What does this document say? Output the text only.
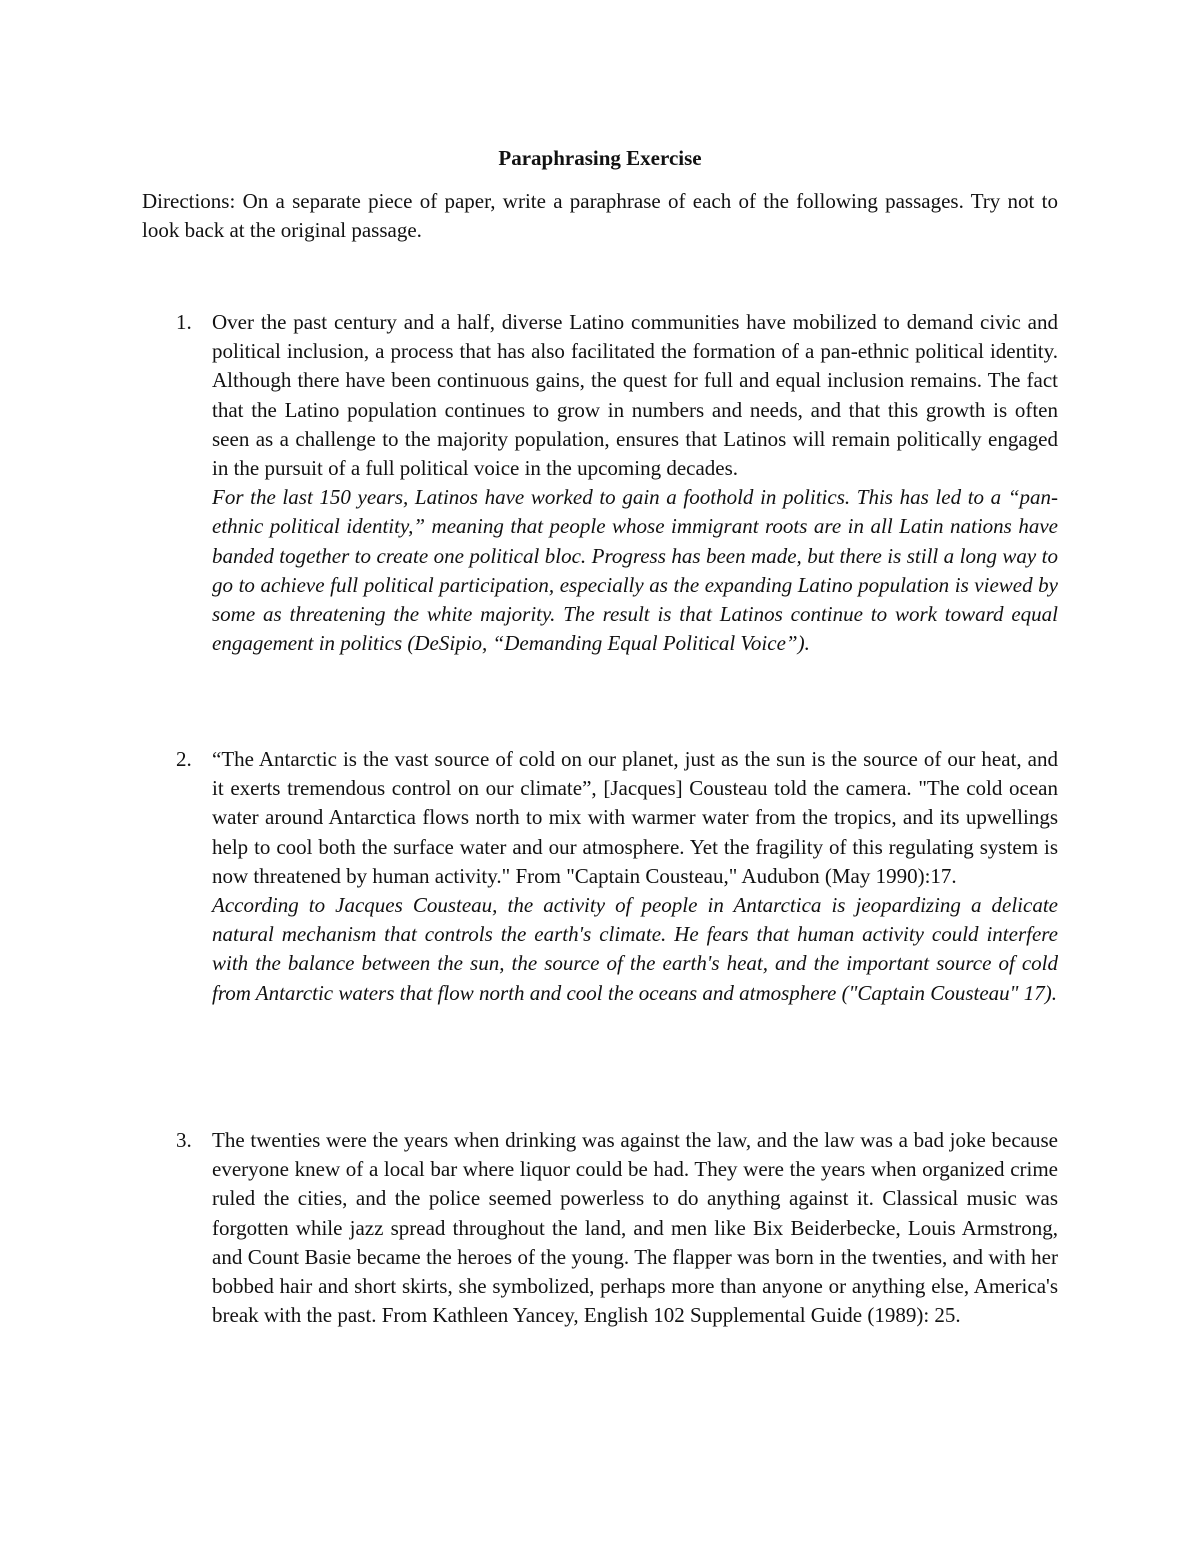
Paraphrasing Exercise

Directions: On a separate piece of paper, write a paraphrase of each of the following passages. Try not to look back at the original passage.

1. Over the past century and a half, diverse Latino communities have mobilized to demand civic and political inclusion, a process that has also facilitated the formation of a pan-ethnic political identity. Although there have been continuous gains, the quest for full and equal inclusion remains. The fact that the Latino population continues to grow in numbers and needs, and that this growth is often seen as a challenge to the majority population, ensures that Latinos will remain politically engaged in the pursuit of a full political voice in the upcoming decades.

For the last 150 years, Latinos have worked to gain a foothold in politics. This has led to a “pan-ethnic political identity,” meaning that people whose immigrant roots are in all Latin nations have banded together to create one political bloc. Progress has been made, but there is still a long way to go to achieve full political participation, especially as the expanding Latino population is viewed by some as threatening the white majority. The result is that Latinos continue to work toward equal engagement in politics (DeSipio, “Demanding Equal Political Voice”).

2. “The Antarctic is the vast source of cold on our planet, just as the sun is the source of our heat, and it exerts tremendous control on our climate”, [Jacques] Cousteau told the camera. "The cold ocean water around Antarctica flows north to mix with warmer water from the tropics, and its upwellings help to cool both the surface water and our atmosphere. Yet the fragility of this regulating system is now threatened by human activity." From "Captain Cousteau," Audubon (May 1990):17.

According to Jacques Cousteau, the activity of people in Antarctica is jeopardizing a delicate natural mechanism that controls the earth's climate. He fears that human activity could interfere with the balance between the sun, the source of the earth's heat, and the important source of cold from Antarctic waters that flow north and cool the oceans and atmosphere ("Captain Cousteau" 17).

3. The twenties were the years when drinking was against the law, and the law was a bad joke because everyone knew of a local bar where liquor could be had. They were the years when organized crime ruled the cities, and the police seemed powerless to do anything against it. Classical music was forgotten while jazz spread throughout the land, and men like Bix Beiderbecke, Louis Armstrong, and Count Basie became the heroes of the young. The flapper was born in the twenties, and with her bobbed hair and short skirts, she symbolized, perhaps more than anyone or anything else, America's break with the past. From Kathleen Yancey, English 102 Supplemental Guide (1989): 25.
